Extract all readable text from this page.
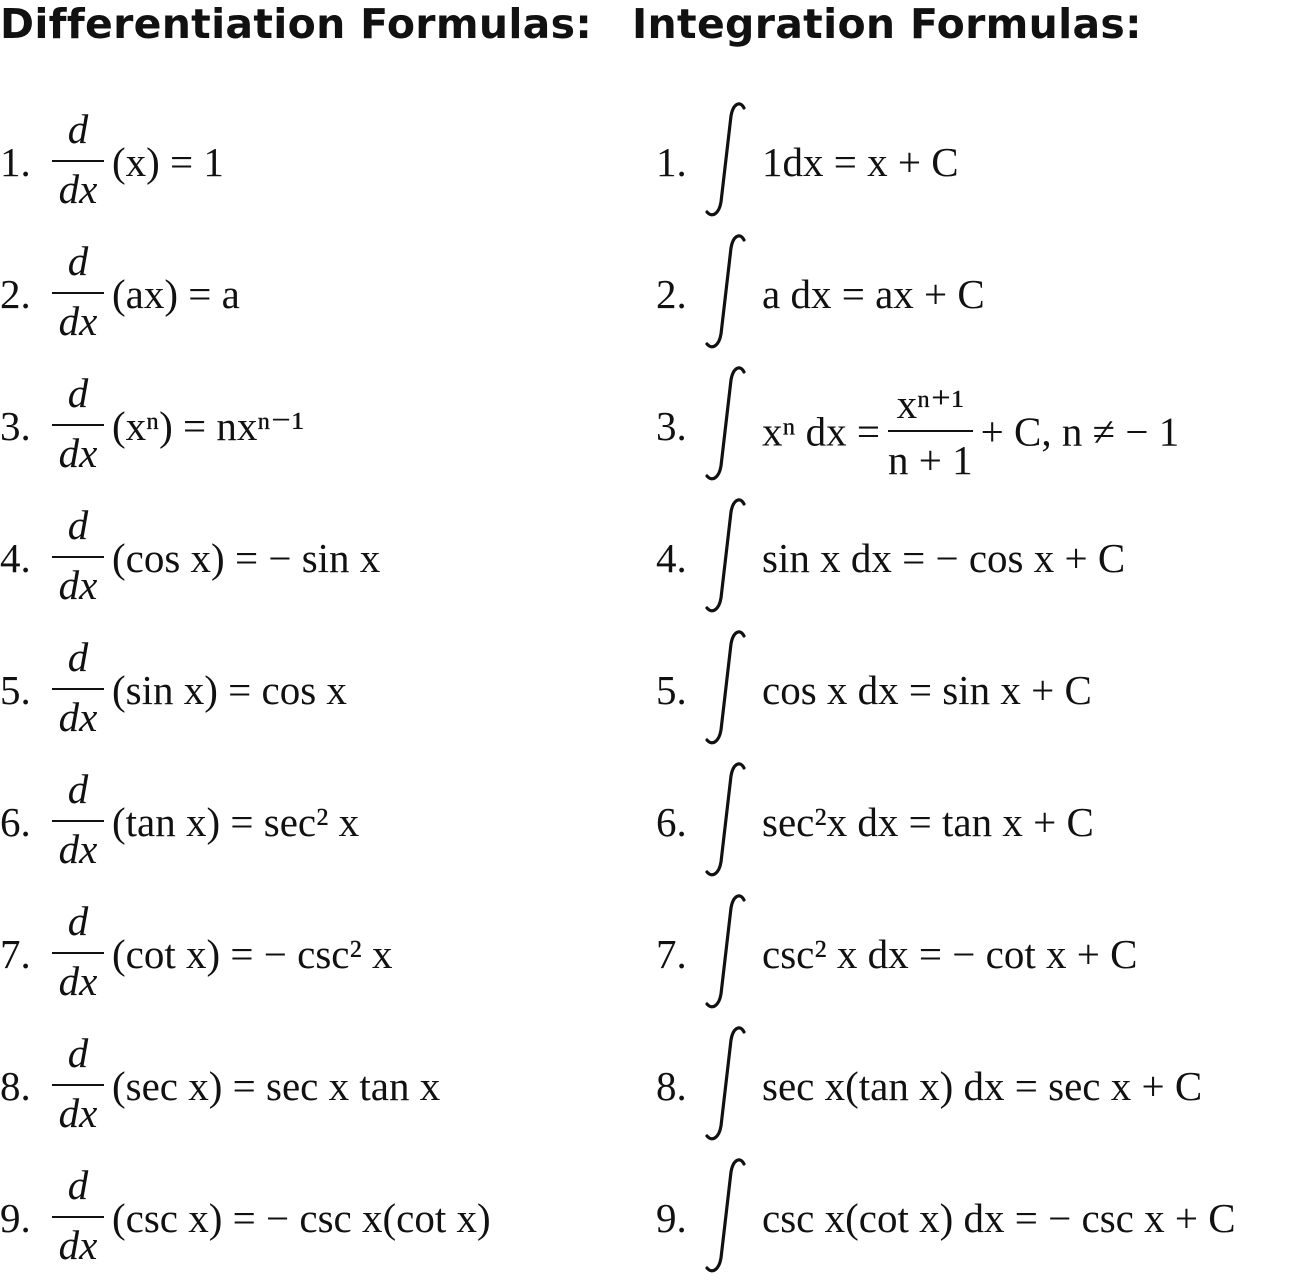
Differentiation Formulas: Integration Formulas:
1.
d
dx
(x) = 1	1. 1dx = x + C
2.
d
dx
(ax) = a	2. a dx = ax + C
3.
d
dx
(xⁿ) = nxⁿ⁻¹	3. xⁿ dx = $\frac{\text{xⁿ⁺¹}}{n + 1} + C$, n ≠ − 1
4.
d
dx
(cos x) = − sin x	4. sin x dx = − cos x + C
5.
d
dx
(sin x) = cos x	5. cos x dx = sin x + C
6.
d
dx
(tan x) = sec² x	6. sec²x dx = tan x + C
7.
d
dx
(cot x) = − csc² x	7. csc² x dx = − cot x + C
8.
d
dx
(sec x) = sec x tan x	8. sec x(tan x) dx = sec x + C
9.
d
dx
(csc x) = − csc x(cot x)	9. csc x(cot x) dx = − csc x + C
